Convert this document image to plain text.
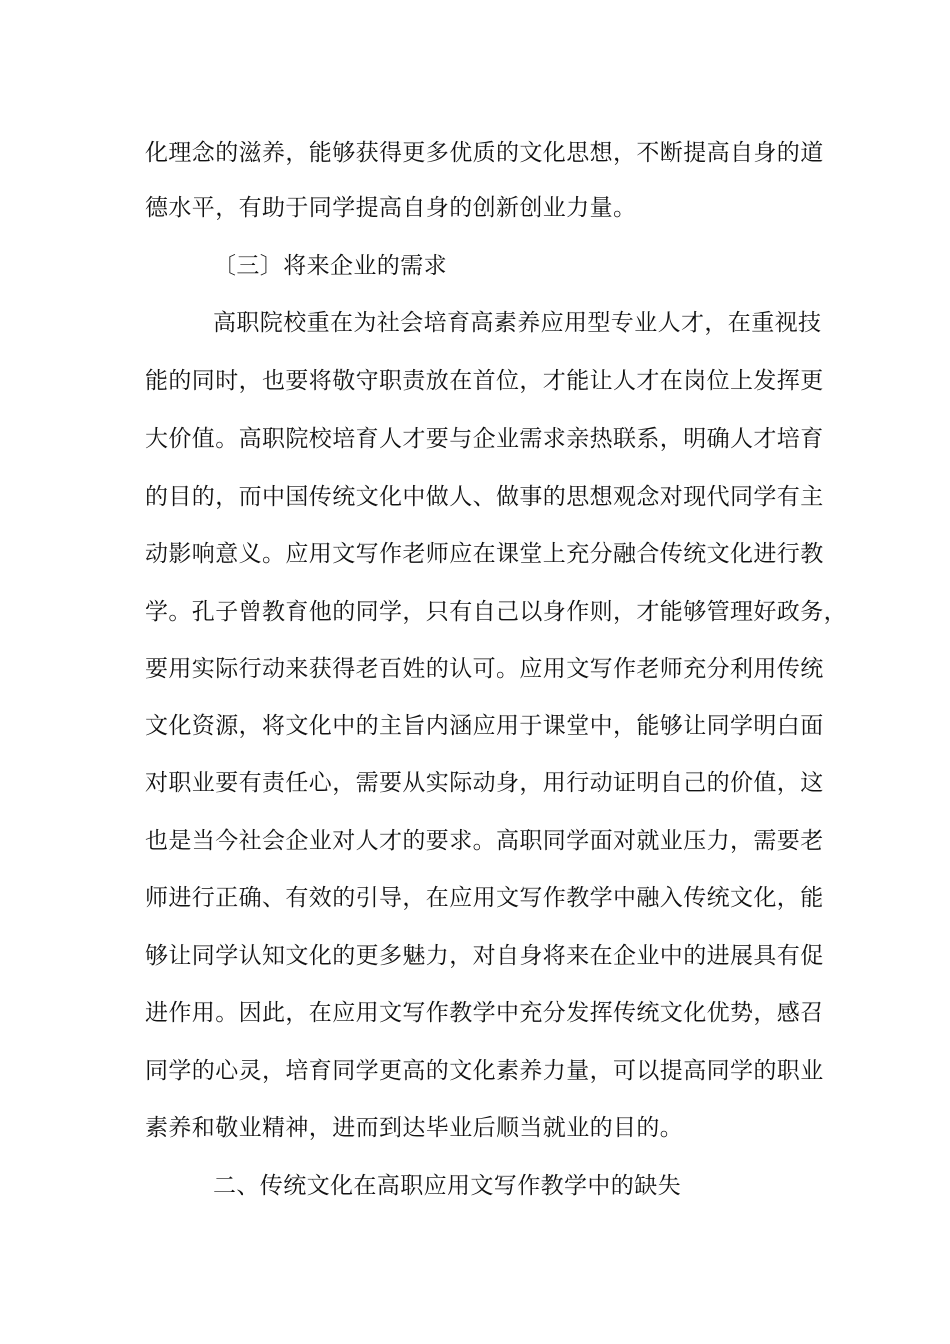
化理念的滋养，能够获得更多优质的文化思想，不断提高自身的道
德水平，有助于同学提高自身的创新创业力量。
〔三〕将来企业的需求
高职院校重在为社会培育高素养应用型专业人才，在重视技
能的同时，也要将敬守职责放在首位，才能让人才在岗位上发挥更
大价值。高职院校培育人才要与企业需求亲热联系，明确人才培育
的目的，而中国传统文化中做人、做事的思想观念对现代同学有主
动影响意义。应用文写作老师应在课堂上充分融合传统文化进行教
学。孔子曾教育他的同学，只有自己以身作则，才能够管理好政务，
要用实际行动来获得老百姓的认可。应用文写作老师充分利用传统
文化资源，将文化中的主旨内涵应用于课堂中，能够让同学明白面
对职业要有责任心，需要从实际动身，用行动证明自己的价值，这
也是当今社会企业对人才的要求。高职同学面对就业压力，需要老
师进行正确、有效的引导，在应用文写作教学中融入传统文化，能
够让同学认知文化的更多魅力，对自身将来在企业中的进展具有促
进作用。因此，在应用文写作教学中充分发挥传统文化优势，感召
同学的心灵，培育同学更高的文化素养力量，可以提高同学的职业
素养和敬业精神，进而到达毕业后顺当就业的目的。
二、传统文化在高职应用文写作教学中的缺失
